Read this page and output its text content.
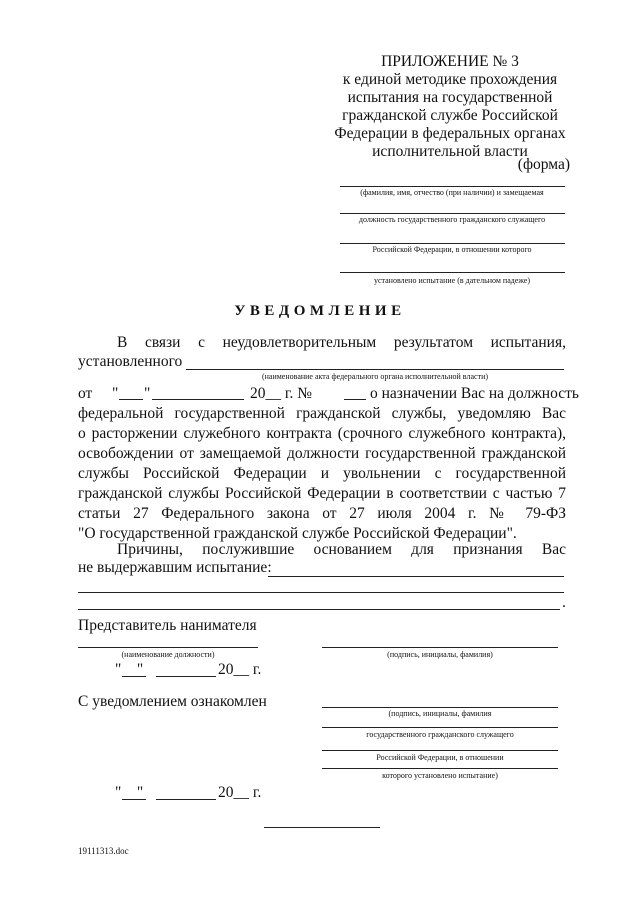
ПРИЛОЖЕНИЕ № 3
к единой методике прохождения
испытания на государственной
гражданской службе Российской
Федерации в федеральных органах
исполнительной власти
(форма)
(фамилия, имя, отчество (при наличии) и замещаемая
должность государственного гражданского служащего
Российской Федерации, в отношении которого
установлено испытание (в дательном падеже)
УВЕДОМЛЕНИЕ
В связи с неудовлетворительным результатом испытания,
установленного
(наименование акта федерального органа исполнительной власти)
от " "	20__ г. №	о назначении Вас на должность
федеральной государственной гражданской службы, уведомляю Вас
о расторжении служебного контракта (срочного служебного контракта),
освобождении от замещаемой должности государственной гражданской
службы Российской Федерации и увольнении с государственной
гражданской службы Российской Федерации в соответствии с частью 7
статьи 27 Федерального закона от 27 июля 2004 г. № 79-ФЗ
"О государственной гражданской службе Российской Федерации".
Причины, послужившие основанием для признания Вас
не выдержавшим испытание:
.
Представитель нанимателя
(наименование должности)	(подпись, инициалы, фамилия)
"    "	20__ г.
С уведомлением ознакомлен
(подпись, инициалы, фамилия
государственного гражданского служащего
Российской Федерации, в отношении
которого установлено испытание)
"    "	20__ г.
19111313.doc
